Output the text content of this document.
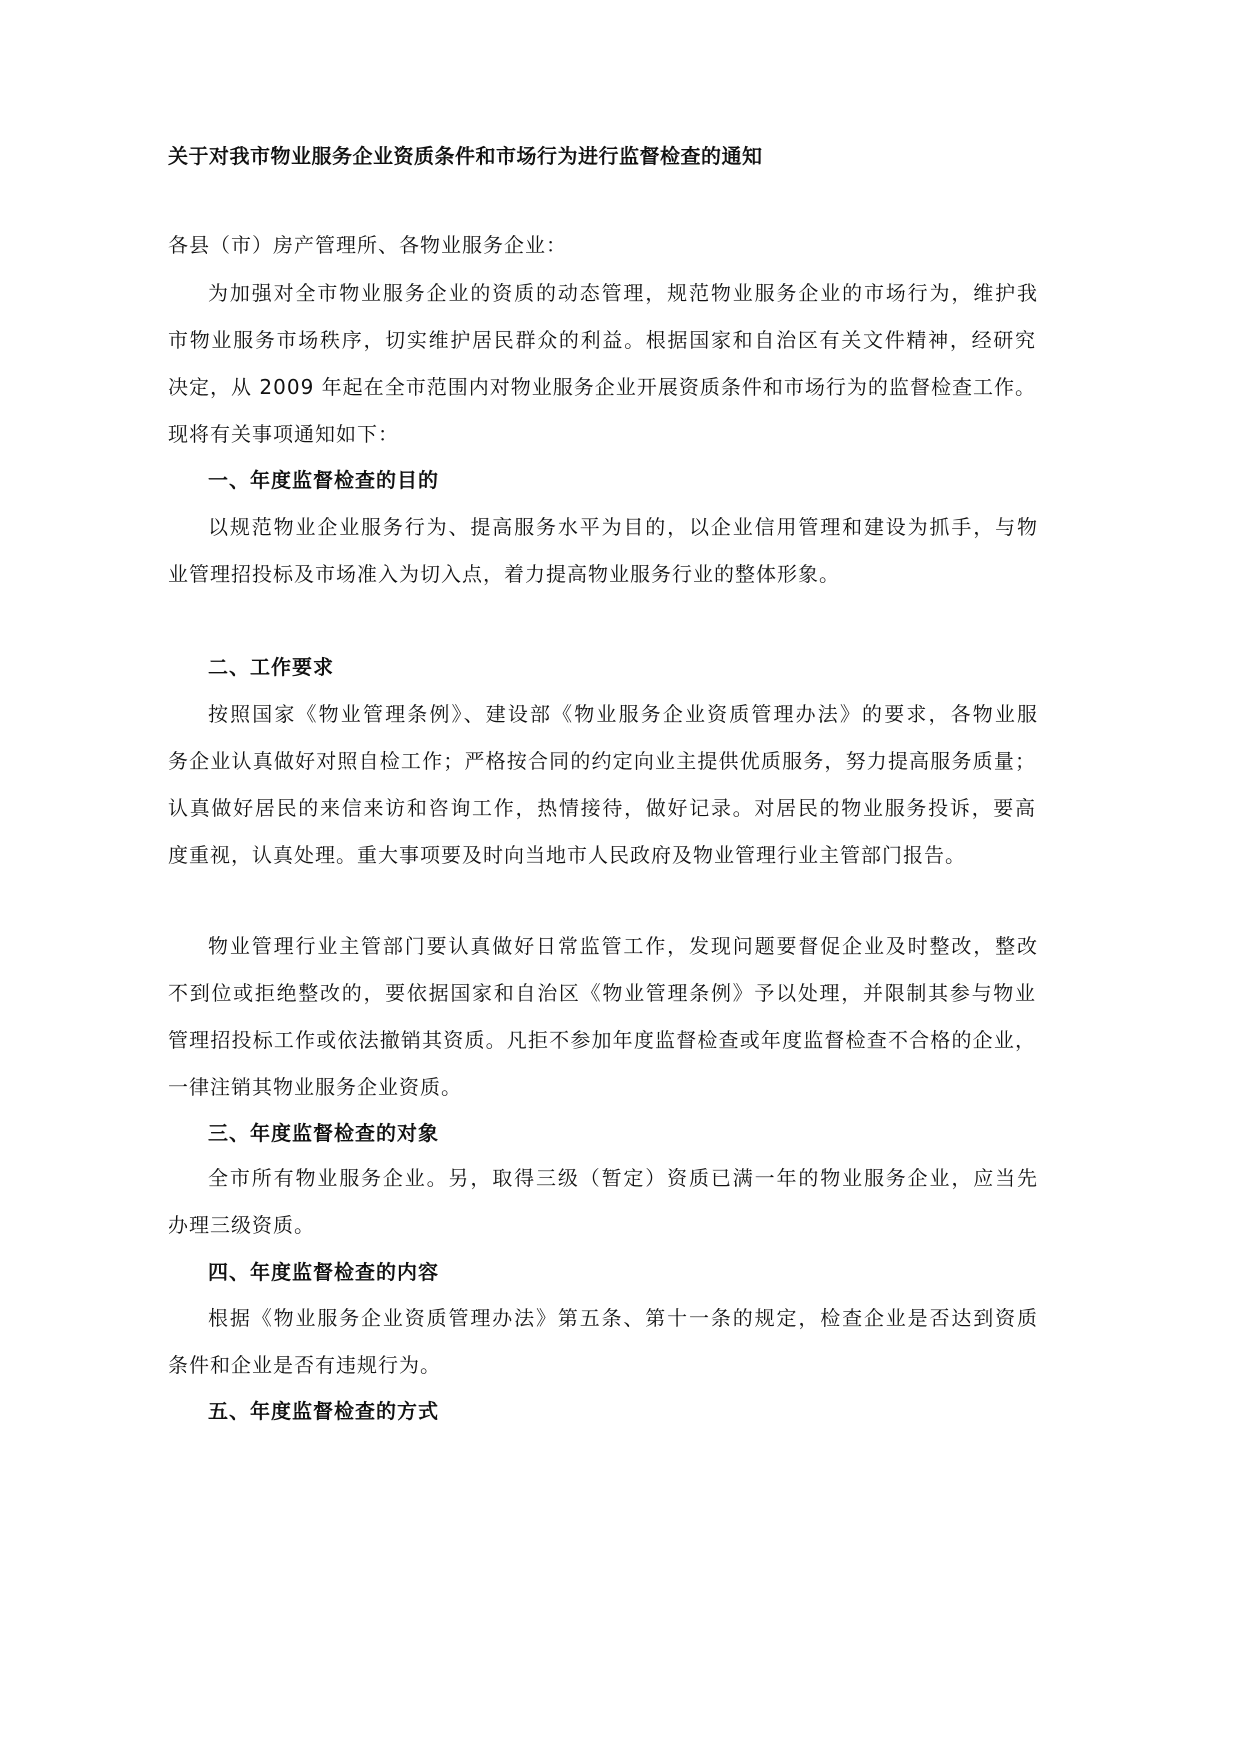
关于对我市物业服务企业资质条件和市场行为进行监督检查的通知
各县（市）房产管理所、各物业服务企业：
为加强对全市物业服务企业的资质的动态管理，规范物业服务企业的市场行为，维护我
市物业服务市场秩序，切实维护居民群众的利益。根据国家和自治区有关文件精神，经研究
决定，从 2009 年起在全市范围内对物业服务企业开展资质条件和市场行为的监督检查工作。
现将有关事项通知如下：
一、年度监督检查的目的
以规范物业企业服务行为、提高服务水平为目的，以企业信用管理和建设为抓手，与物
业管理招投标及市场准入为切入点，着力提高物业服务行业的整体形象。
二、工作要求
按照国家《物业管理条例》、建设部《物业服务企业资质管理办法》的要求，各物业服
务企业认真做好对照自检工作；严格按合同的约定向业主提供优质服务，努力提高服务质量；
认真做好居民的来信来访和咨询工作，热情接待，做好记录。对居民的物业服务投诉，要高
度重视，认真处理。重大事项要及时向当地市人民政府及物业管理行业主管部门报告。
物业管理行业主管部门要认真做好日常监管工作，发现问题要督促企业及时整改，整改
不到位或拒绝整改的，要依据国家和自治区《物业管理条例》予以处理，并限制其参与物业
管理招投标工作或依法撤销其资质。凡拒不参加年度监督检查或年度监督检查不合格的企业，
一律注销其物业服务企业资质。
三、年度监督检查的对象
全市所有物业服务企业。另，取得三级（暂定）资质已满一年的物业服务企业，应当先
办理三级资质。
四、年度监督检查的内容
根据《物业服务企业资质管理办法》第五条、第十一条的规定，检查企业是否达到资质
条件和企业是否有违规行为。
五、年度监督检查的方式
